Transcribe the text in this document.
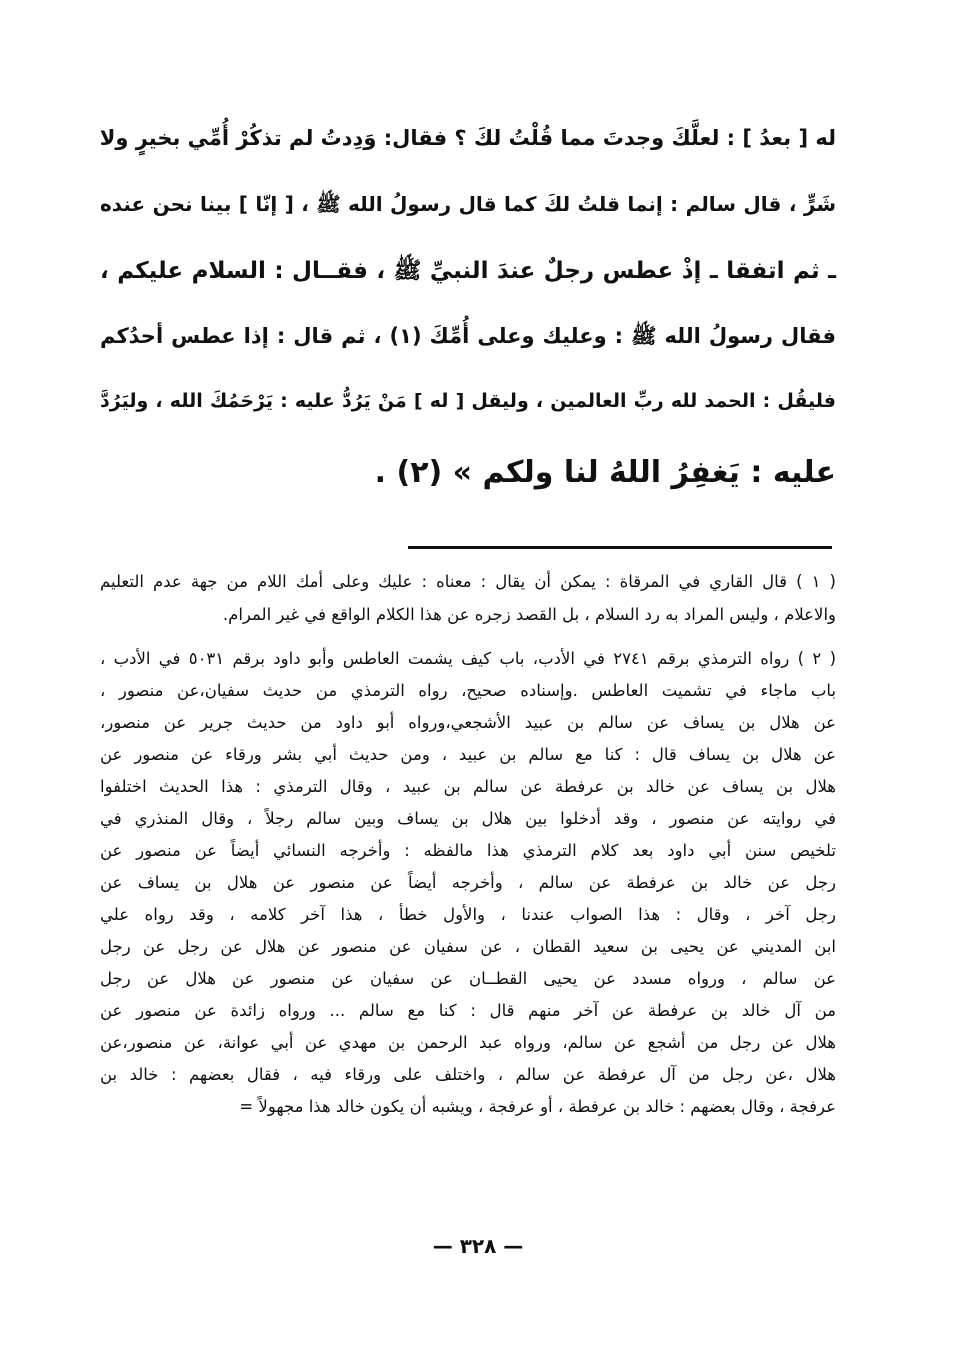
له [ بعدُ ] : لعلَّكَ وجدتَ مما قُلْتُ لكَ ؟ فقال: وَدِدتُ لم تذكُرْ أُمِّي بخيرٍ ولا
شَرٍّ ، قال سالم : إنما قلتُ لكَ كما قال رسولُ الله ﷺ ، [ إنّا ] بينا نحن عنده
ـ ثم اتفقا ـ إذْ عطس رجلٌ عندَ النبيِّ ﷺ ، فقــال : السلام عليكم ،
فقال رسولُ الله ﷺ : وعليك وعلى أُمِّكَ (١) ، ثم قال : إذا عطس أحدُكم
فليقُل : الحمد لله ربِّ العالمين ، وليقل [ له ] مَنْ يَرُدُّ عليه : يَرْحَمُكَ الله ، وليَرُدَّ
عليه : يَغفِرُ اللهُ لنا ولكم » (٢) .
( ١ ) قال القاري في المرقاة : يمكن أن يقال : معناه : عليك وعلى أمك اللام من جهة عدم التعليم
والاعلام ، وليس المراد به رد السلام ، بل القصد زجره عن هذا الكلام الواقع في غير المرام.
( ٢ ) رواه الترمذي برقم ٢٧٤١ في الأدب، باب كيف يشمت العاطس وأبو داود برقم ٥٠٣١ في الأدب ،
باب ماجاء في تشميت العاطس .وإسناده صحيح، رواه الترمذي من حديث سفيان،عن منصور ،
عن هلال بن يساف عن سالم بن عبيد الأشجعي،ورواه أبو داود من حديث جرير عن منصور،
عن هلال بن يساف قال : كنا مع سالم بن عبيد ، ومن حديث أبي بشر ورقاء عن منصور عن
هلال بن يساف عن خالد بن عرفطة عن سالم بن عبيد ، وقال الترمذي : هذا الحديث اختلفوا
في روايته عن منصور ، وقد أدخلوا بين هلال بن يساف وبين سالم رجلاً ، وقال المنذري في
تلخيص سنن أبي داود بعد كلام الترمذي هذا مالفظه : وأخرجه النسائي أيضاً عن منصور عن
رجل عن خالد بن عرفطة عن سالم ، وأخرجه أيضاً عن منصور عن هلال بن يساف عن
رجل آخر ، وقال : هذا الصواب عندنا ، والأول خطأ ، هذا آخر كلامه ، وقد رواه علي
ابن المديني عن يحيى بن سعيد القطان ، عن سفيان عن منصور عن هلال عن رجل عن رجل
عن سالم ، ورواه مسدد عن يحيى القطــان عن سفيان عن منصور عن هلال عن رجل
من آل خالد بن عرفطة عن آخر منهم قال : كنا مع سالم ... ورواه زائدة عن منصور عن
هلال عن رجل من أشجع عن سالم، ورواه عبد الرحمن بن مهدي عن أبي عوانة، عن منصور،عن
هلال ،عن رجل من آل عرفطة عن سالم ، واختلف على ورقاء فيه ، فقال بعضهم : خالد بن
عرفجة ، وقال بعضهم : خالد بن عرفطة ، أو عرفجة ، ويشبه أن يكون خالد هذا مجهولاً =
— ٣٢٨ —
